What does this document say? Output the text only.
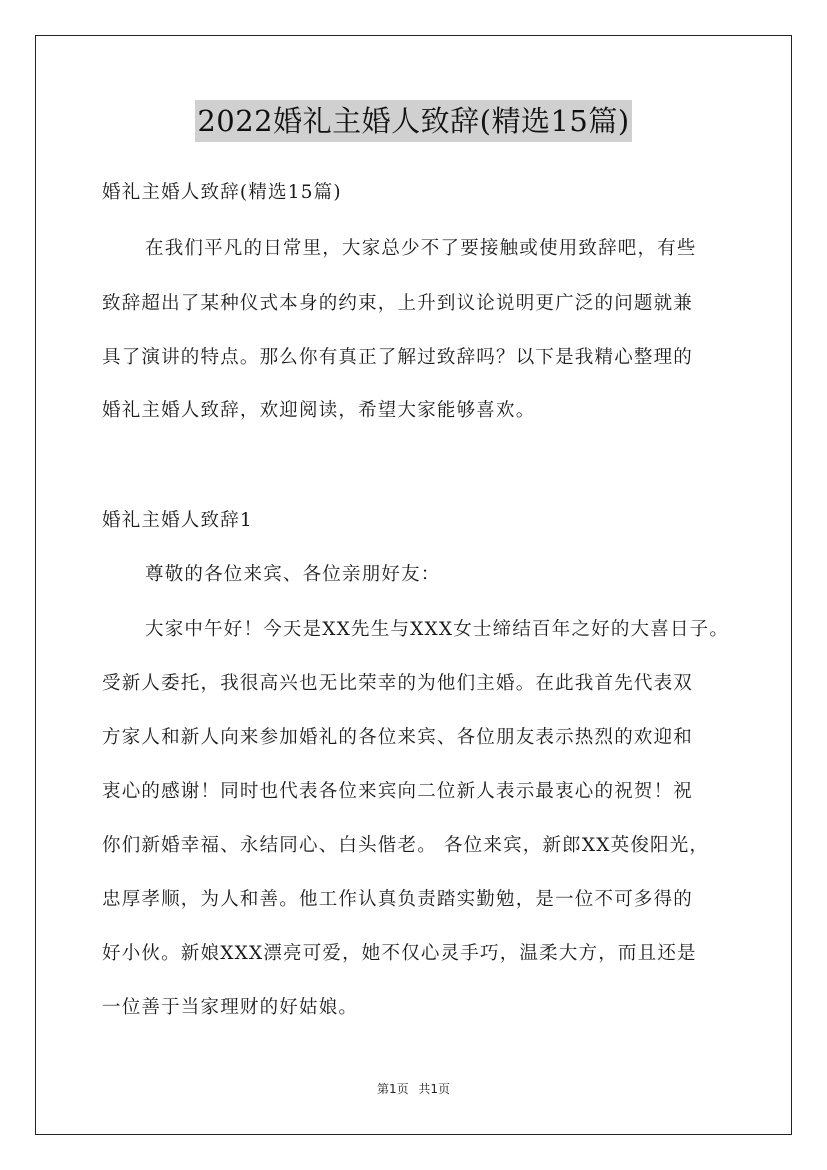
2022婚礼主婚人致辞(精选15篇)
婚礼主婚人致辞(精选15篇)
在我们平凡的日常里，大家总少不了要接触或使用致辞吧，有些
致辞超出了某种仪式本身的约束，上升到议论说明更广泛的问题就兼
具了演讲的特点。那么你有真正了解过致辞吗？以下是我精心整理的
婚礼主婚人致辞，欢迎阅读，希望大家能够喜欢。
婚礼主婚人致辞1
尊敬的各位来宾、各位亲朋好友：
大家中午好！今天是XX先生与XXX女士缔结百年之好的大喜日子。
受新人委托，我很高兴也无比荣幸的为他们主婚。在此我首先代表双
方家人和新人向来参加婚礼的各位来宾、各位朋友表示热烈的欢迎和
衷心的感谢！同时也代表各位来宾向二位新人表示最衷心的祝贺！祝
你们新婚幸福、永结同心、白头偕老。 各位来宾，新郎XX英俊阳光，
忠厚孝顺，为人和善。他工作认真负责踏实勤勉，是一位不可多得的
好小伙。新娘XXX漂亮可爱，她不仅心灵手巧，温柔大方，而且还是
一位善于当家理财的好姑娘。
第1页 共1页
